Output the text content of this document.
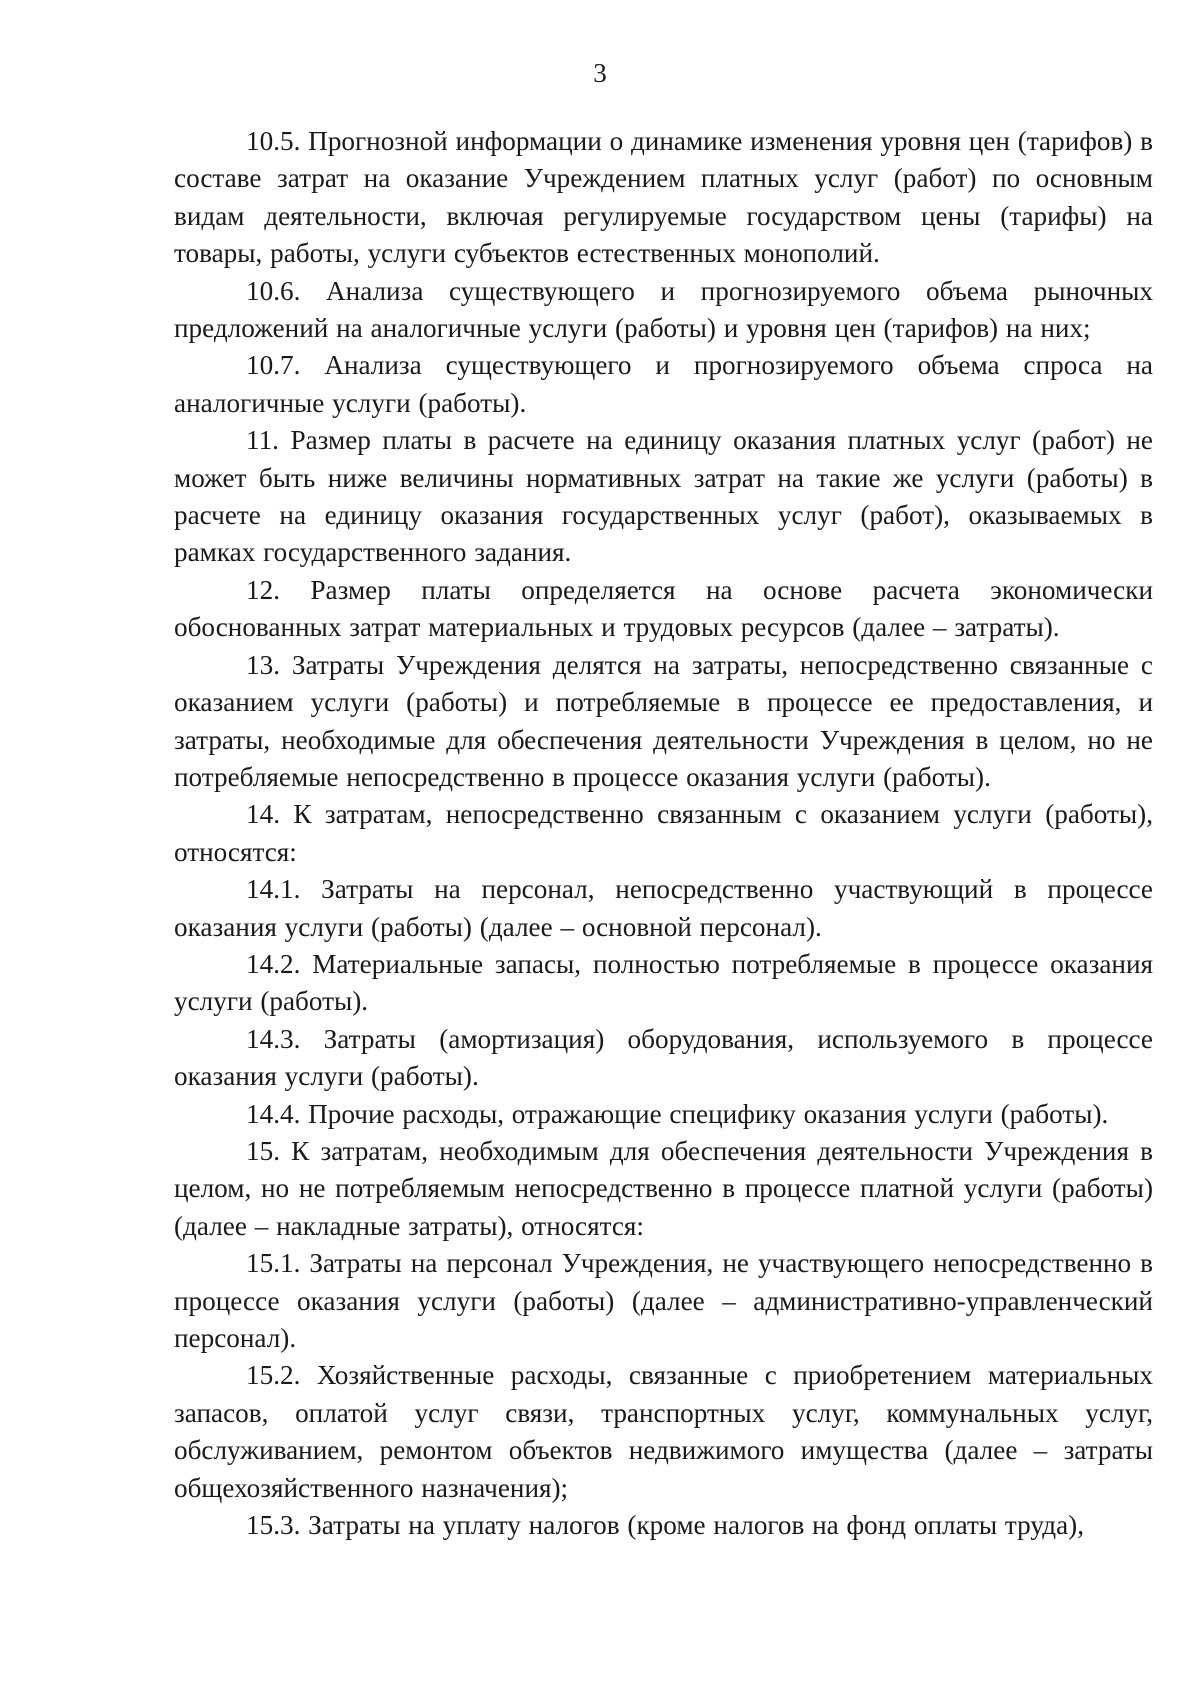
3

10.5. Прогнозной информации о динамике изменения уровня цен (тарифов) в составе затрат на оказание Учреждением платных услуг (работ) по основным видам деятельности, включая регулируемые государством цены (тарифы) на товары, работы, услуги субъектов естественных монополий.

10.6. Анализа существующего и прогнозируемого объема рыночных предложений на аналогичные услуги (работы) и уровня цен (тарифов) на них;

10.7. Анализа существующего и прогнозируемого объема спроса на аналогичные услуги (работы).

11. Размер платы в расчете на единицу оказания платных услуг (работ) не может быть ниже величины нормативных затрат на такие же услуги (работы) в расчете на единицу оказания государственных услуг (работ), оказываемых в рамках государственного задания.

12. Размер платы определяется на основе расчета экономически обоснованных затрат материальных и трудовых ресурсов (далее – затраты).

13. Затраты Учреждения делятся на затраты, непосредственно связанные с оказанием услуги (работы) и потребляемые в процессе ее предоставления, и затраты, необходимые для обеспечения деятельности Учреждения в целом, но не потребляемые непосредственно в процессе оказания услуги (работы).

14. К затратам, непосредственно связанным с оказанием услуги (работы), относятся:

14.1. Затраты на персонал, непосредственно участвующий в процессе оказания услуги (работы) (далее – основной персонал).

14.2. Материальные запасы, полностью потребляемые в процессе оказания услуги (работы).

14.3. Затраты (амортизация) оборудования, используемого в процессе оказания услуги (работы).

14.4. Прочие расходы, отражающие специфику оказания услуги (работы).

15. К затратам, необходимым для обеспечения деятельности Учреждения в целом, но не потребляемым непосредственно в процессе платной услуги (работы) (далее – накладные затраты), относятся:

15.1. Затраты на персонал Учреждения, не участвующего непосредственно в процессе оказания услуги (работы) (далее – административно-управленческий персонал).

15.2. Хозяйственные расходы, связанные с приобретением материальных запасов, оплатой услуг связи, транспортных услуг, коммунальных услуг, обслуживанием, ремонтом объектов недвижимого имущества (далее – затраты общехозяйственного назначения);

15.3. Затраты на уплату налогов (кроме налогов на фонд оплаты труда),
